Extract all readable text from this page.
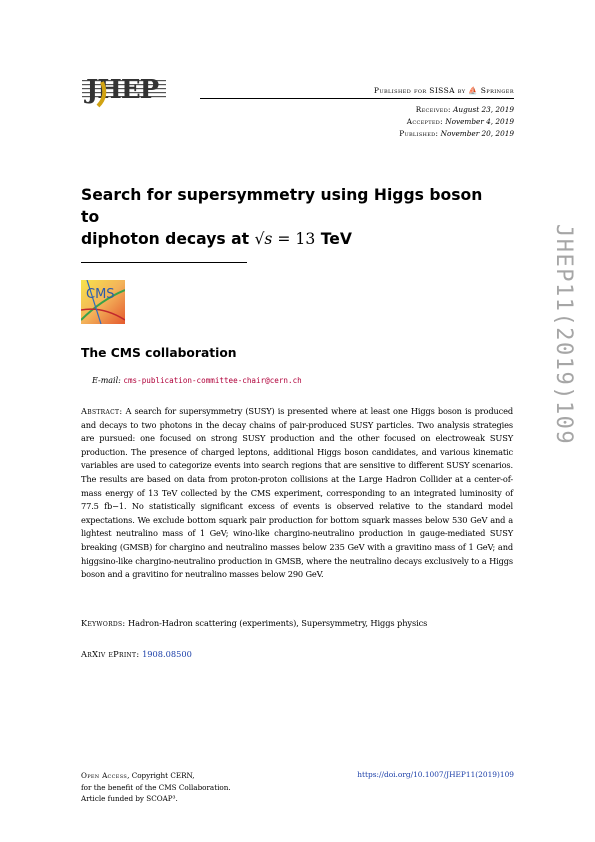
JHEP	Published for SISSA by ⛵ Springer
Received: August 23, 2019
Accepted: November 4, 2019
Published: November 20, 2019
Search for supersymmetry using Higgs boson to
diphoton decays at √s = 13 TeV	JHEP11(2019)109
CMS
The CMS collaboration
E-mail: cms-publication-committee-chair@cern.ch
Abstract: A search for supersymmetry (SUSY) is presented where at least one Higgs boson is produced and decays to two photons in the decay chains of pair-produced SUSY particles. Two analysis strategies are pursued: one focused on strong SUSY production and the other focused on electroweak SUSY production. The presence of charged leptons, additional Higgs boson candidates, and various kinematic variables are used to categorize events into search regions that are sensitive to different SUSY scenarios. The results are based on data from proton-proton collisions at the Large Hadron Collider at a center-of-mass energy of 13 TeV collected by the CMS experiment, corresponding to an integrated luminosity of 77.5 fb−1. No statistically significant excess of events is observed relative to the standard model expectations. We exclude bottom squark pair production for bottom squark masses below 530 GeV and a lightest neutralino mass of 1 GeV; wino-like chargino-neutralino production in gauge-mediated SUSY breaking (GMSB) for chargino and neutralino masses below 235 GeV with a gravitino mass of 1 GeV; and higgsino-like chargino-neutralino production in GMSB, where the neutralino decays exclusively to a Higgs boson and a gravitino for neutralino masses below 290 GeV.
Keywords: Hadron-Hadron scattering (experiments), Supersymmetry, Higgs physics
ArXiv ePrint: 1908.08500
Open Access, Copyright CERN,
for the benefit of the CMS Collaboration.
Article funded by SCOAP³.
https://doi.org/10.1007/JHEP11(2019)109
